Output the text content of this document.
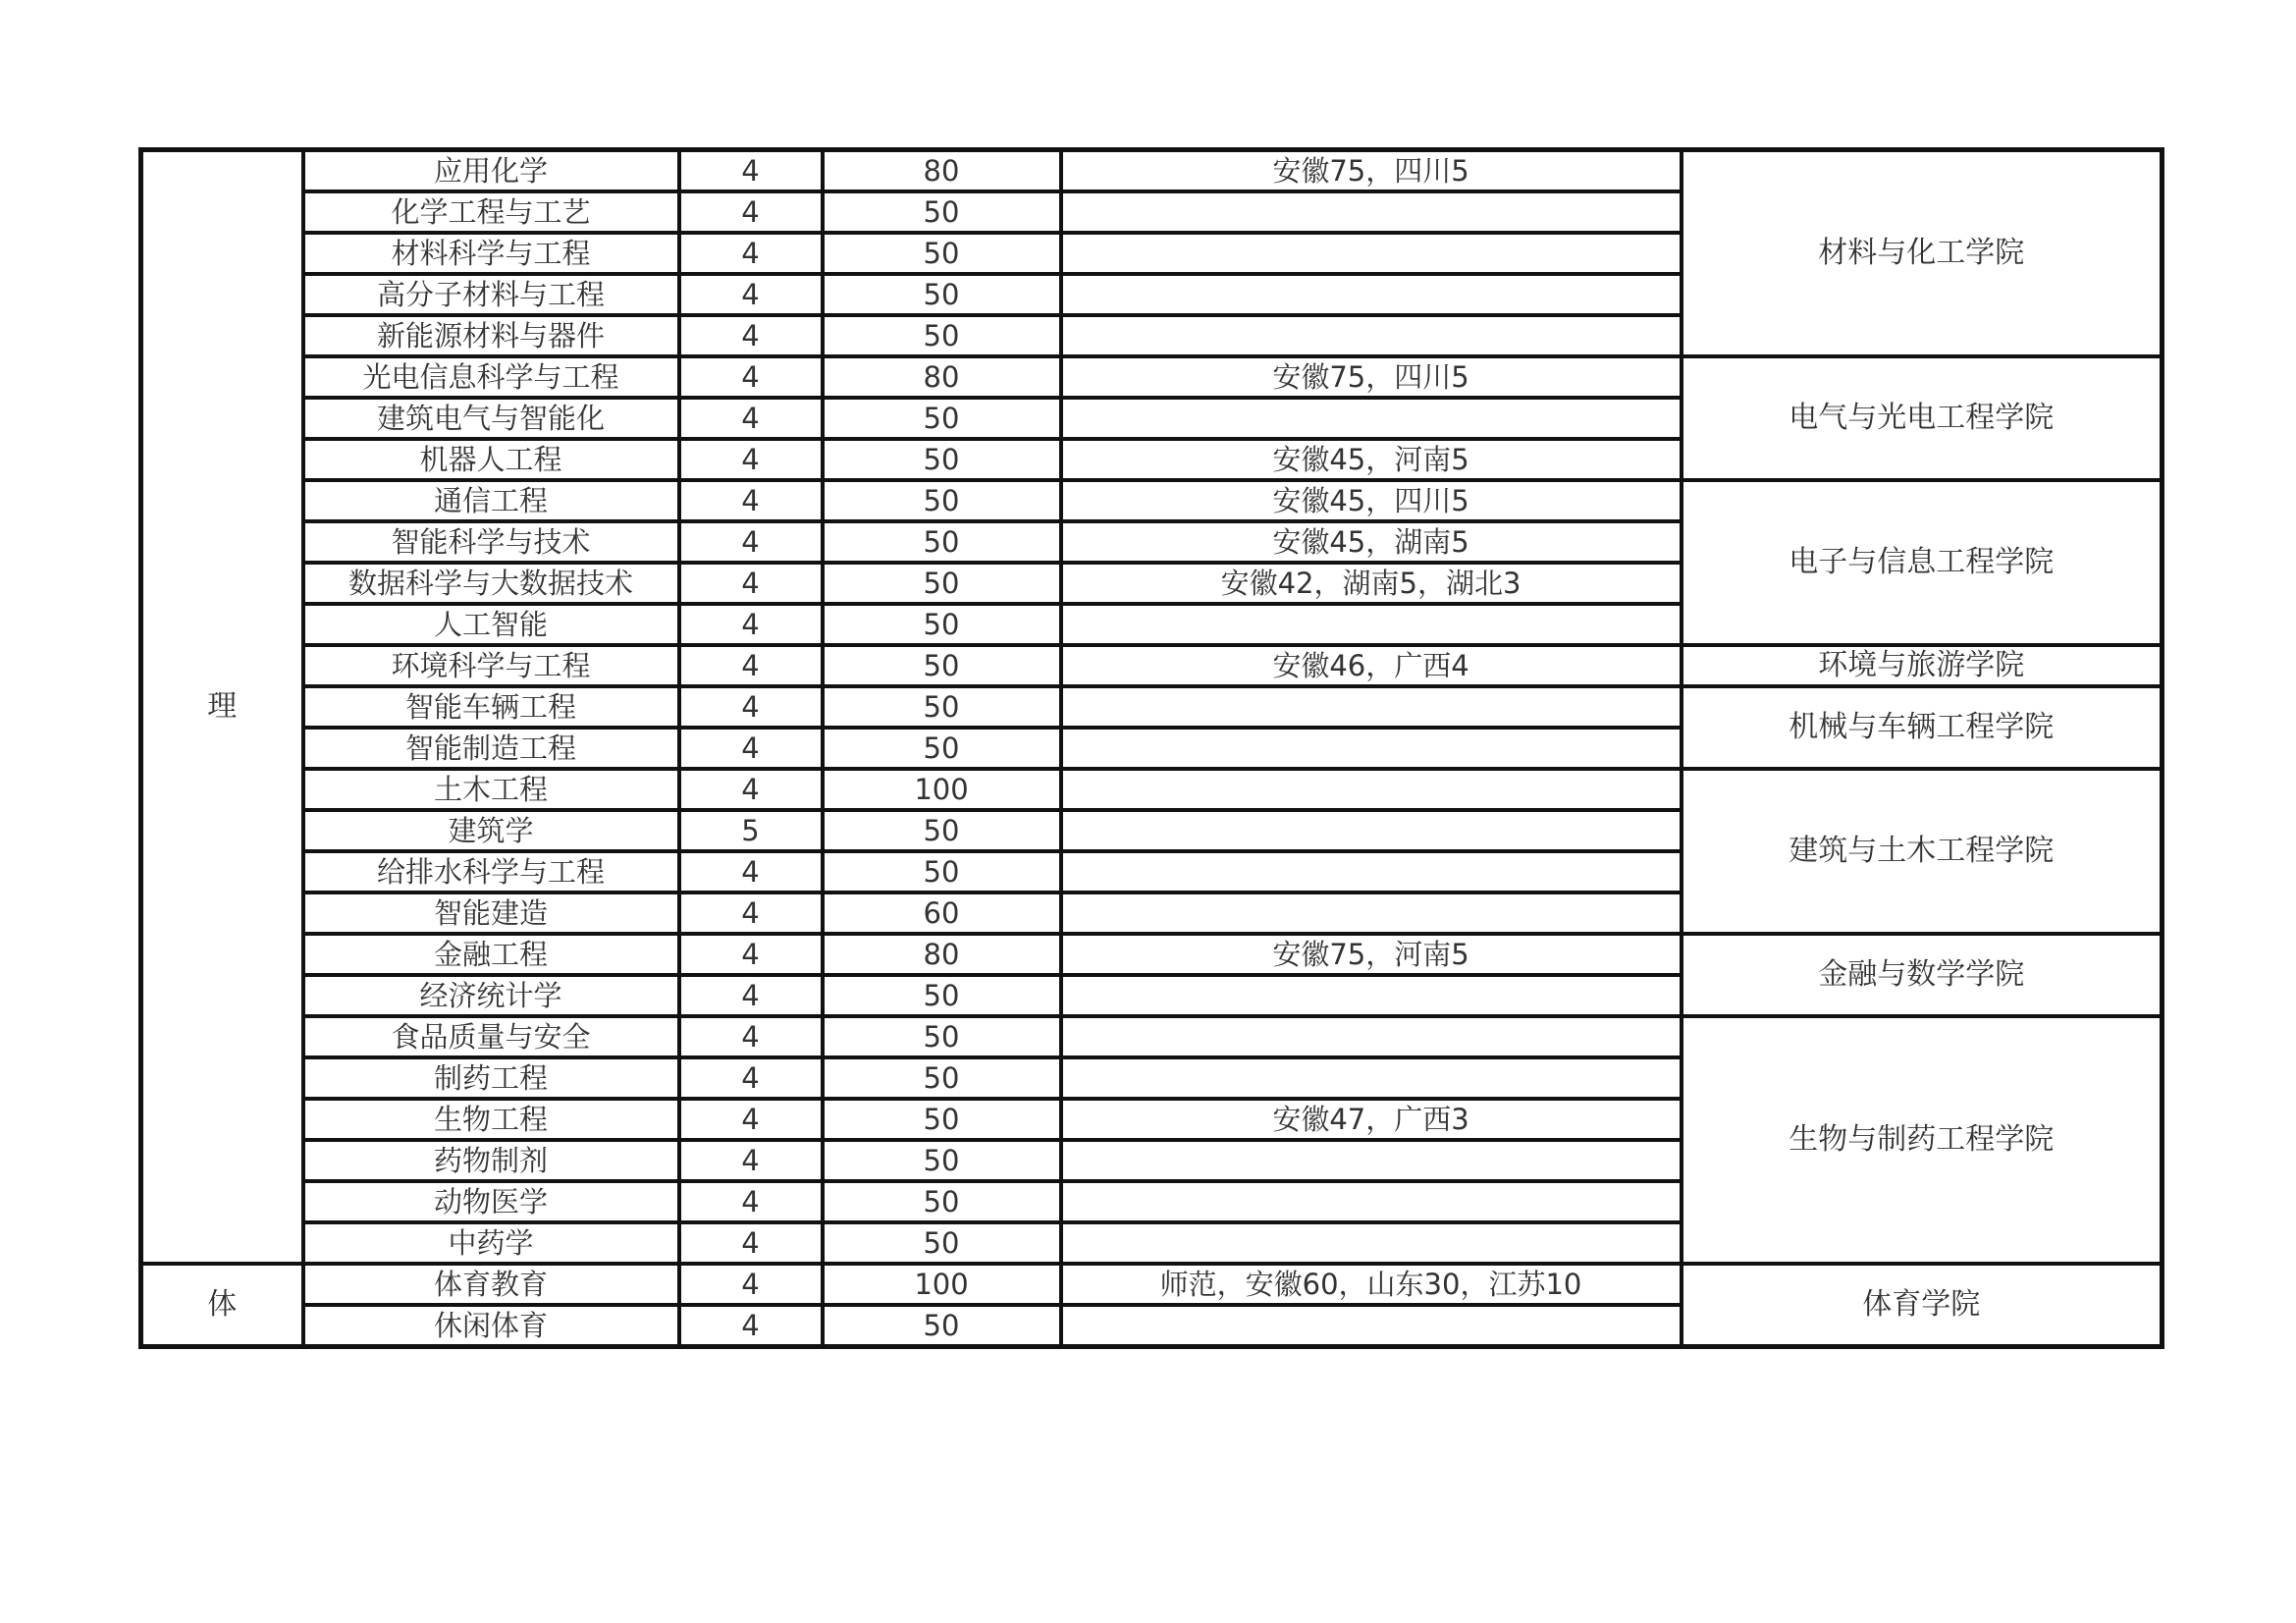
理	应用化学	4	80	安徽75，四川5	材料与化工学院
	化学工程与工艺	4	50		
	材料科学与工程	4	50		
	高分子材料与工程	4	50		
	新能源材料与器件	4	50		
	光电信息科学与工程	4	80	安徽75，四川5	电气与光电工程学院
	建筑电气与智能化	4	50		
	机器人工程	4	50	安徽45，河南5	
	通信工程	4	50	安徽45，四川5	电子与信息工程学院
	智能科学与技术	4	50	安徽45，湖南5	
	数据科学与大数据技术	4	50	安徽42，湖南5，湖北3	
	人工智能	4	50		
	环境科学与工程	4	50	安徽46，广西4	环境与旅游学院
	智能车辆工程	4	50		机械与车辆工程学院
	智能制造工程	4	50		
	土木工程	4	100		建筑与土木工程学院
	建筑学	5	50		
	给排水科学与工程	4	50		
	智能建造	4	60		
	金融工程	4	80	安徽75，河南5	金融与数学学院
	经济统计学	4	50		
	食品质量与安全	4	50		生物与制药工程学院
	制药工程	4	50		
	生物工程	4	50	安徽47，广西3	
	药物制剂	4	50		
	动物医学	4	50		
	中药学	4	50		
体	体育教育	4	100	师范，安徽60，山东30，江苏10	体育学院
	休闲体育	4	50		
